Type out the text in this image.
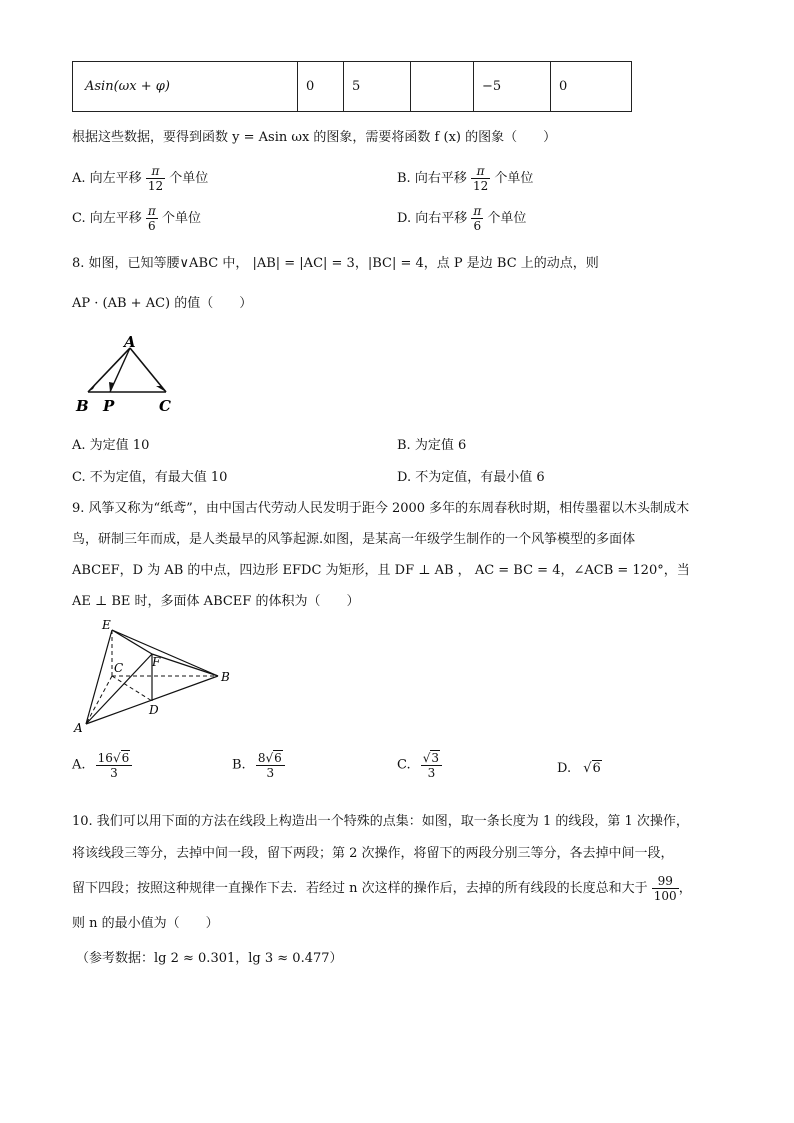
Asin(ωx + φ)	0	5		−5	0
根据这些数据，要得到函数 y = Asin ωx 的图象，需要将函数 f (x) 的图象（　　）
A. 向左平移 $\frac{\pi}{12}$ 个单位	B. 向右平移 $\frac{\pi}{12}$ 个单位
C. 向左平移 $\frac{\pi}{6}$ 个单位	D. 向右平移 $\frac{\pi}{6}$ 个单位
8. 如图，已知等腰∨ABC 中， |AB| = |AC| = 3，|BC| = 4，点 P 是边 BC 上的动点，则
AP · (AB + AC) 的值（　　）
A
B P	C
A. 为定值 10	B. 为定值 6
C. 不为定值，有最大值 10	D. 不为定值，有最小值 6
9. 风筝又称为“纸鸢”，由中国古代劳动人民发明于距今 2000 多年的东周春秋时期，相传墨翟以木头制成木
鸟，研制三年而成，是人类最早的风筝起源.如图，是某高一年级学生制作的一个风筝模型的多面体
ABCEF，D 为 AB 的中点，四边形 EFDC 为矩形，且 DF ⊥ AB ， AC = BC = 4，∠ACB = 120°，当
AE ⊥ BE 时，多面体 ABCEF 的体积为（　　）
E
C F
B
D
A
A. $\frac{16√6}{3}$	B. $\frac{8√6}{3}$	C. $\frac{√3}{3}$	D. √6
10. 我们可以用下面的方法在线段上构造出一个特殊的点集：如图，取一条长度为 1 的线段，第 1 次操作，
将该线段三等分，去掉中间一段，留下两段；第 2 次操作，将留下的两段分别三等分，各去掉中间一段，
留下四段；按照这种规律一直操作下去．若经过 n 次这样的操作后，去掉的所有线段的长度总和大于 $\frac{99}{100}$ ，
则 n 的最小值为（　　）
（参考数据：lg 2 ≈ 0.301，lg 3 ≈ 0.477）
